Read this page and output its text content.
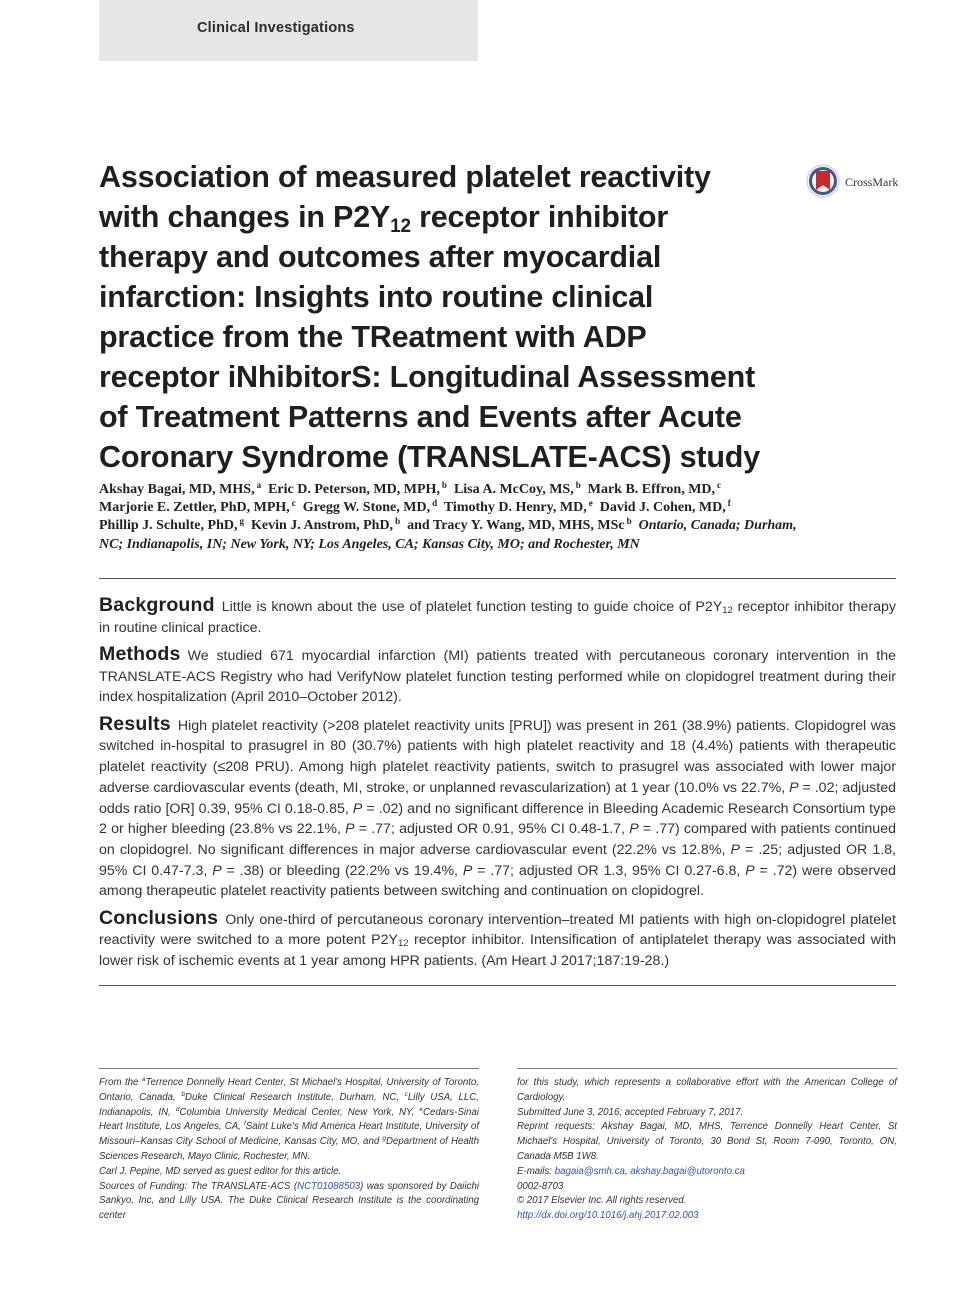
Clinical Investigations
Association of measured platelet reactivity
with changes in $P2Y_{12}$ receptor inhibitor
therapy and outcomes after myocardial
infarction: Insights into routine clinical
practice from the TReatment with ADP
receptor iNhibitorS: Longitudinal Assessment
of Treatment Patterns and Events after Acute
Coronary Syndrome (TRANSLATE-ACS) study
CrossMark

Akshay Bagai, MD, MHS, $^a$ Eric D. Peterson, MD, MPH, $^b$ Lisa A. McCoy, MS, $^b$ Mark B. Effron, MD, $^c$

Marjorie E. Zettler, PhD, MPH, $^c$ Gregg W. Stone, MD, $^d$ Timothy D. Henry, MD, $^e$ David J. Cohen, MD, $^f$

Phillip J. Schulte, PhD, $^g$ Kevin J. Anstrom, PhD, $^b$ and Tracy Y. Wang, MD, MHS, MSc $^b$ Ontario, Canada; Durham,

NC; Indianapolis, IN; New York, NY; Los Angeles, CA; Kansas City, MO; and Rochester, MN

Background Little is known about the use of platelet function testing to guide choice of $P2Y_{12}$ receptor inhibitor therapy in routine clinical practice.

Methods We studied 671 myocardial infarction (MI) patients treated with percutaneous coronary intervention in the TRANSLATE-ACS Registry who had VerifyNow platelet function testing performed while on clopidogrel treatment during their index hospitalization (April 2010–October 2012).

Results High platelet reactivity (>208 platelet reactivity units [PRU]) was present in 261 (38.9%) patients. Clopidogrel was switched in-hospital to prasugrel in 80 (30.7%) patients with high platelet reactivity and 18 (4.4%) patients with therapeutic platelet reactivity (≤208 PRU). Among high platelet reactivity patients, switch to prasugrel was associated with lower major adverse cardiovascular events (death, MI, stroke, or unplanned revascularization) at 1 year (10.0% vs 22.7%, P = .02; adjusted odds ratio [OR] 0.39, 95% CI 0.18-0.85, P = .02) and no significant difference in Bleeding Academic Research Consortium type 2 or higher bleeding (23.8% vs 22.1%, P = .77; adjusted OR 0.91, 95% CI 0.48-1.7, P = .77) compared with patients continued on clopidogrel. No significant differences in major adverse cardiovascular event (22.2% vs 12.8%, P = .25; adjusted OR 1.8, 95% CI 0.47-7.3, P = .38) or bleeding (22.2% vs 19.4%, P = .77; adjusted OR 1.3, 95% CI 0.27-6.8, P = .72) were observed among therapeutic platelet reactivity patients between switching and continuation on clopidogrel.

Conclusions Only one-third of percutaneous coronary intervention–treated MI patients with high on-clopidogrel platelet reactivity were switched to a more potent $P2Y_{12}$ receptor inhibitor. Intensification of antiplatelet therapy was associated with lower risk of ischemic events at 1 year among HPR patients. (Am Heart J 2017;187:19-28.)

From the $^a$Terrence Donnelly Heart Center, St Michael's Hospital, University of Toronto, Ontario, Canada, $^b$Duke Clinical Research Institute, Durham, NC, $^c$Lilly USA, LLC, Indianapolis, IN, $^d$Columbia University Medical Center, New York, NY, $^e$Cedars-Sinai Heart Institute, Los Angeles, CA, $^f$Saint Luke's Mid America Heart Institute, University of Missouri–Kansas City School of Medicine, Kansas City, MO, and $^g$Department of Health Sciences Research, Mayo Clinic, Rochester, MN.

Carl J. Pepine, MD served as guest editor for this article.

Sources of Funding: The TRANSLATE-ACS (NCT01088503) was sponsored by Daiichi Sankyo, Inc, and Lilly USA. The Duke Clinical Research Institute is the coordinating center

for this study, which represents a collaborative effort with the American College of Cardiology.

Submitted June 3, 2016; accepted February 7, 2017.

Reprint requests: Akshay Bagai, MD, MHS, Terrence Donnelly Heart Center, St Michael's Hospital, University of Toronto, 30 Bond St, Room 7-090, Toronto, ON, Canada M5B 1W8.

E-mails: bagaia@smh.ca, akshay.bagai@utoronto.ca

0002-8703

© 2017 Elsevier Inc. All rights reserved.

http://dx.doi.org/10.1016/j.ahj.2017.02.003
